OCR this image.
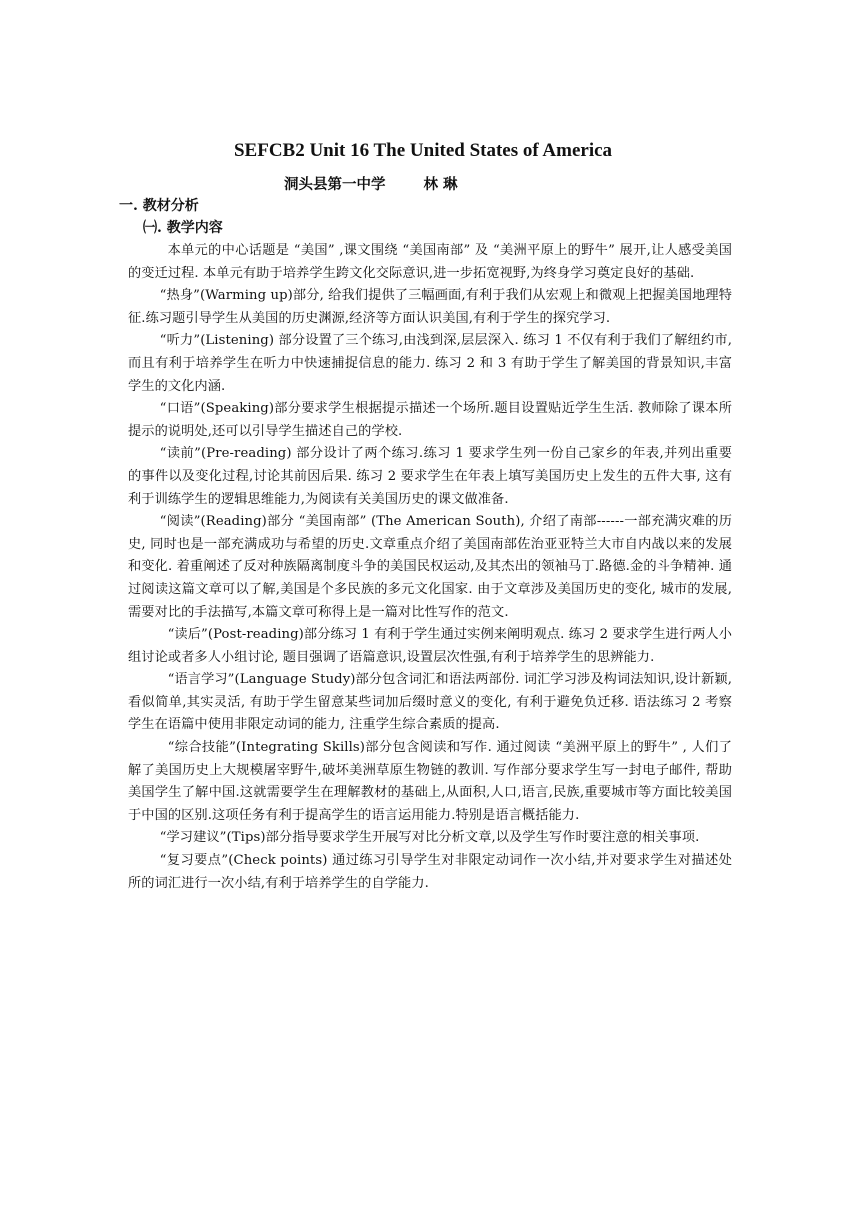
SEFCB2 Unit 16 The United States of America
洞头县第一中学	林 琳
一. 教材分析
㈠. 教学内容

本单元的中心话题是 “美国” ,课文围绕 “美国南部” 及 “美洲平原上的野牛” 展开,让人感受美国的变迁过程. 本单元有助于培养学生跨文化交际意识,进一步拓宽视野,为终身学习奠定良好的基础.

“热身”(Warming up)部分, 给我们提供了三幅画面,有利于我们从宏观上和微观上把握美国地理特征.练习题引导学生从美国的历史渊源,经济等方面认识美国,有利于学生的探究学习.

“听力”(Listening) 部分设置了三个练习,由浅到深,层层深入. 练习 1 不仅有利于我们了解纽约市,而且有利于培养学生在听力中快速捕捉信息的能力. 练习 2 和 3 有助于学生了解美国的背景知识,丰富学生的文化内涵.

“口语”(Speaking)部分要求学生根据提示描述一个场所.题目设置贴近学生生活. 教师除了课本所提示的说明处,还可以引导学生描述自己的学校.

“读前”(Pre-reading) 部分设计了两个练习.练习 1 要求学生列一份自己家乡的年表,并列出重要的事件以及变化过程,讨论其前因后果. 练习 2 要求学生在年表上填写美国历史上发生的五件大事, 这有利于训练学生的逻辑思维能力,为阅读有关美国历史的课文做准备.

“阅读”(Reading)部分 “美国南部” (The American South), 介绍了南部------一部充满灾难的历史, 同时也是一部充满成功与希望的历史.文章重点介绍了美国南部佐治亚亚特兰大市自内战以来的发展和变化. 着重阐述了反对种族隔离制度斗争的美国民权运动,及其杰出的领袖马丁.路德.金的斗争精神. 通过阅读这篇文章可以了解,美国是个多民族的多元文化国家. 由于文章涉及美国历史的变化, 城市的发展, 需要对比的手法描写,本篇文章可称得上是一篇对比性写作的范文.

“读后”(Post-reading)部分练习 1 有利于学生通过实例来阐明观点. 练习 2 要求学生进行两人小组讨论或者多人小组讨论, 题目强调了语篇意识,设置层次性强,有利于培养学生的思辨能力.

“语言学习”(Language Study)部分包含词汇和语法两部份. 词汇学习涉及构词法知识,设计新颖,看似简单,其实灵活, 有助于学生留意某些词加后缀时意义的变化, 有利于避免负迁移. 语法练习 2 考察学生在语篇中使用非限定动词的能力, 注重学生综合素质的提高.

“综合技能”(Integrating Skills)部分包含阅读和写作. 通过阅读 “美洲平原上的野牛” , 人们了解了美国历史上大规模屠宰野牛,破坏美洲草原生物链的教训. 写作部分要求学生写一封电子邮件, 帮助美国学生了解中国.这就需要学生在理解教材的基础上,从面积,人口,语言,民族,重要城市等方面比较美国于中国的区别.这项任务有利于提高学生的语言运用能力.特别是语言概括能力.

“学习建议”(Tips)部分指导要求学生开展写对比分析文章,以及学生写作时要注意的相关事项.

“复习要点”(Check points) 通过练习引导学生对非限定动词作一次小结,并对要求学生对描述处所的词汇进行一次小结,有利于培养学生的自学能力.
